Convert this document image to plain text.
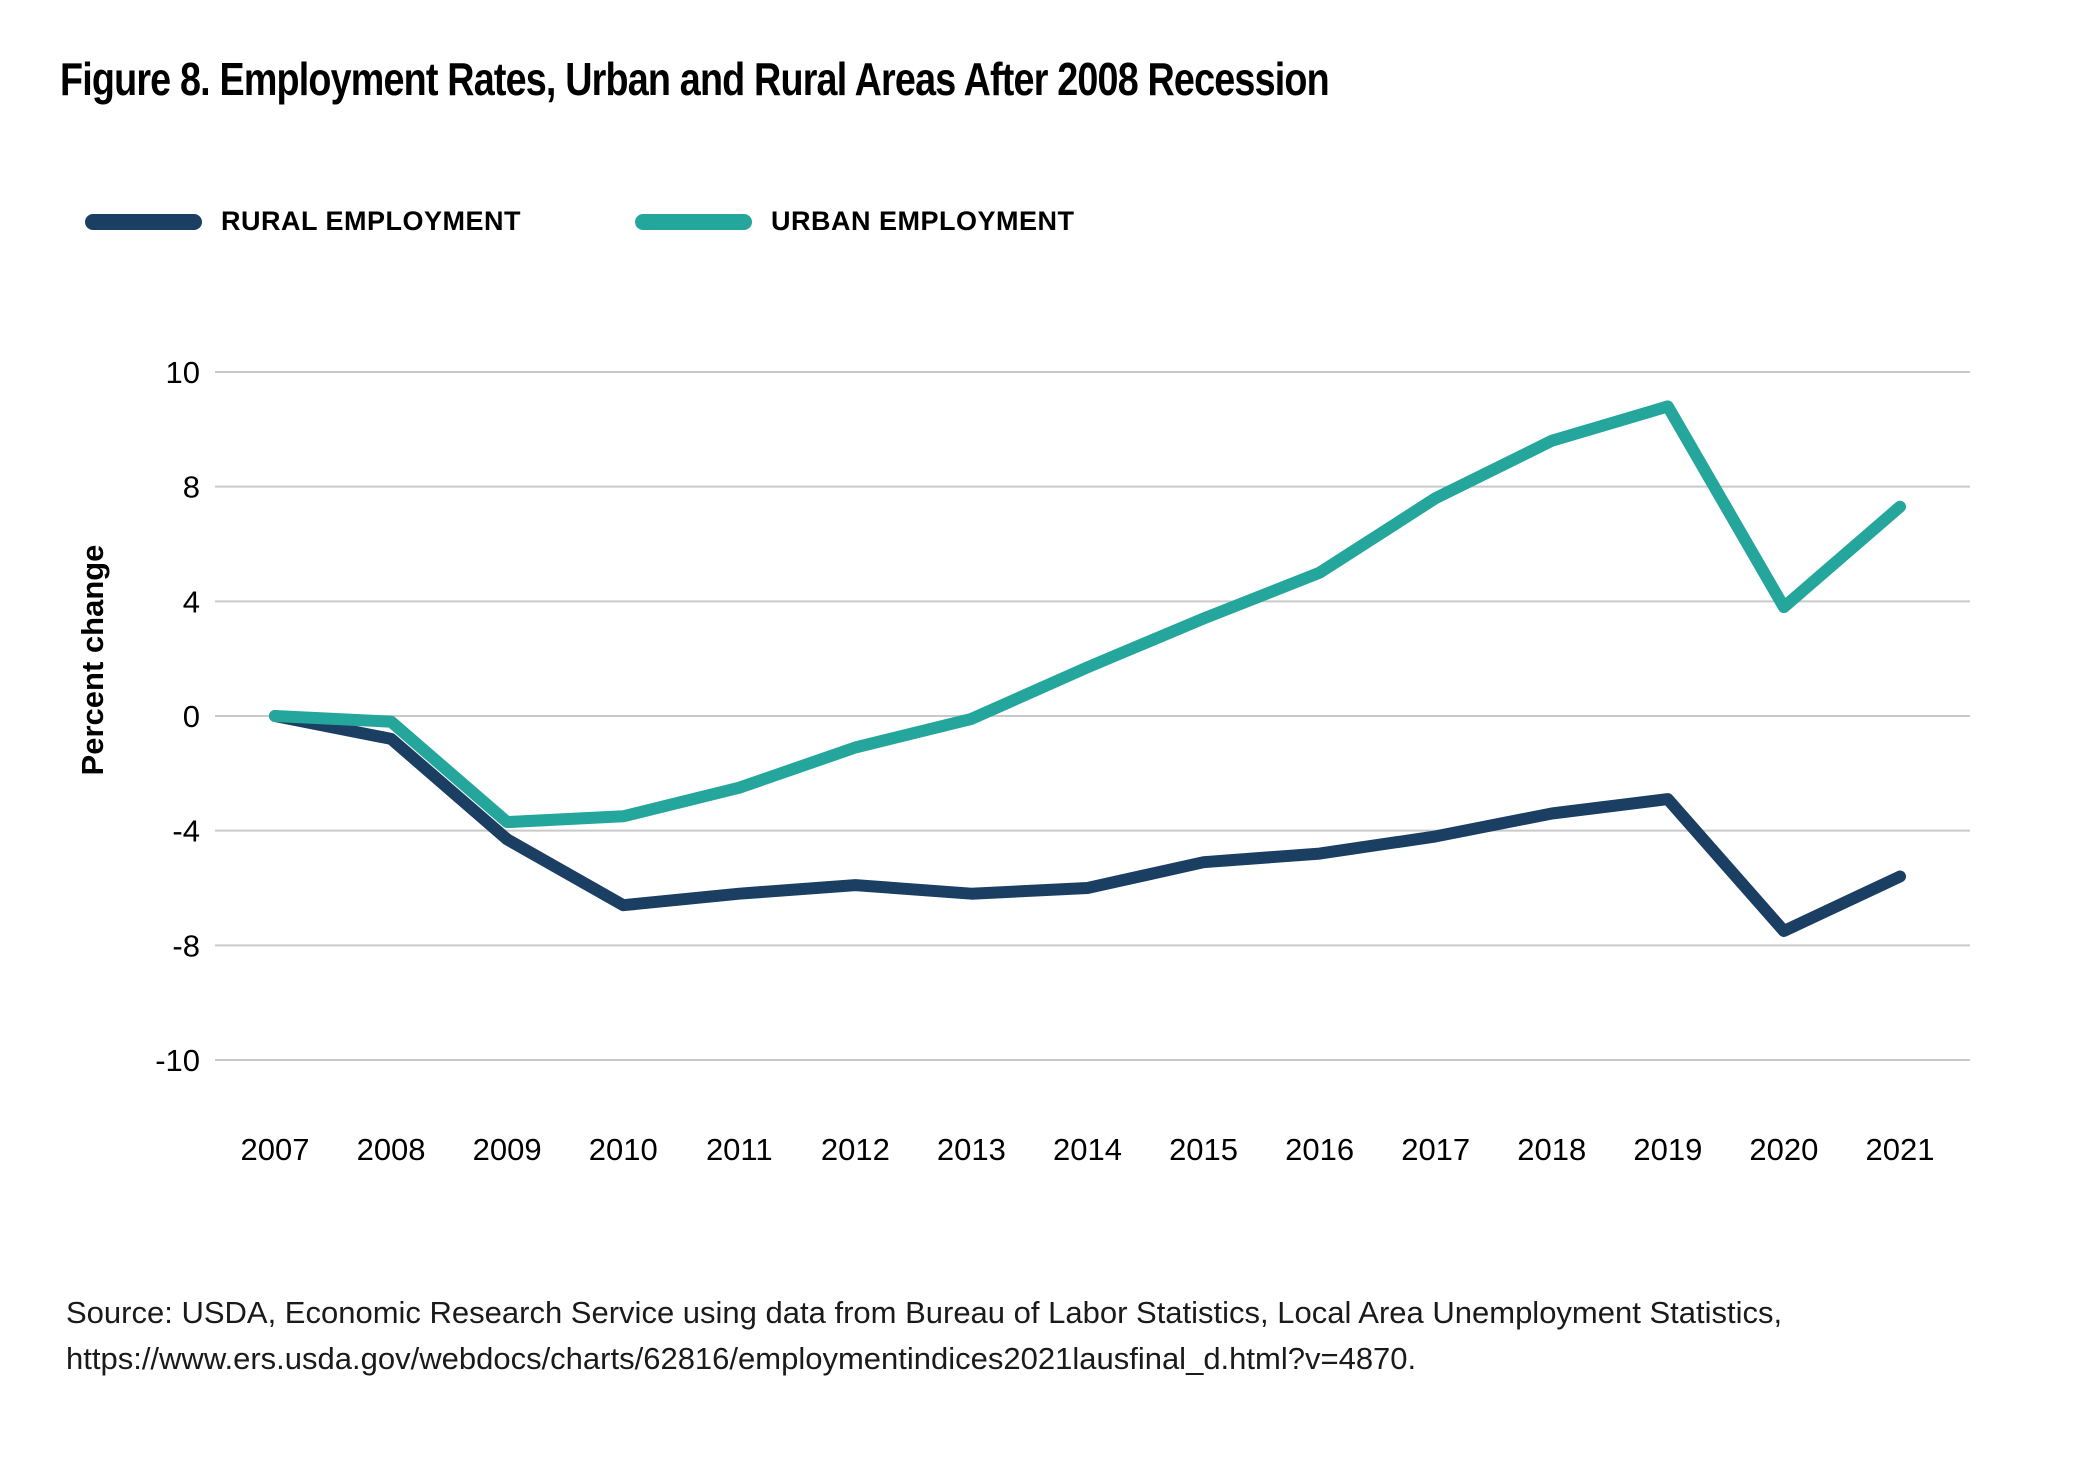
Figure 8. Employment Rates, Urban and Rural Areas After 2008 Recession
RURAL EMPLOYMENT	URBAN EMPLOYMENT
10
8
4
0
-4
-8
-10
Percent change
2007 2008 2009 2010 2011 2012 2013 2014 2015 2016 2017 2018 2019 2020 2021
Source: USDA, Economic Research Service using data from Bureau of Labor Statistics, Local Area Unemployment Statistics,
https://www.ers.usda.gov/webdocs/charts/62816/employmentindices2021lausfinal_d.html?v=4870.
